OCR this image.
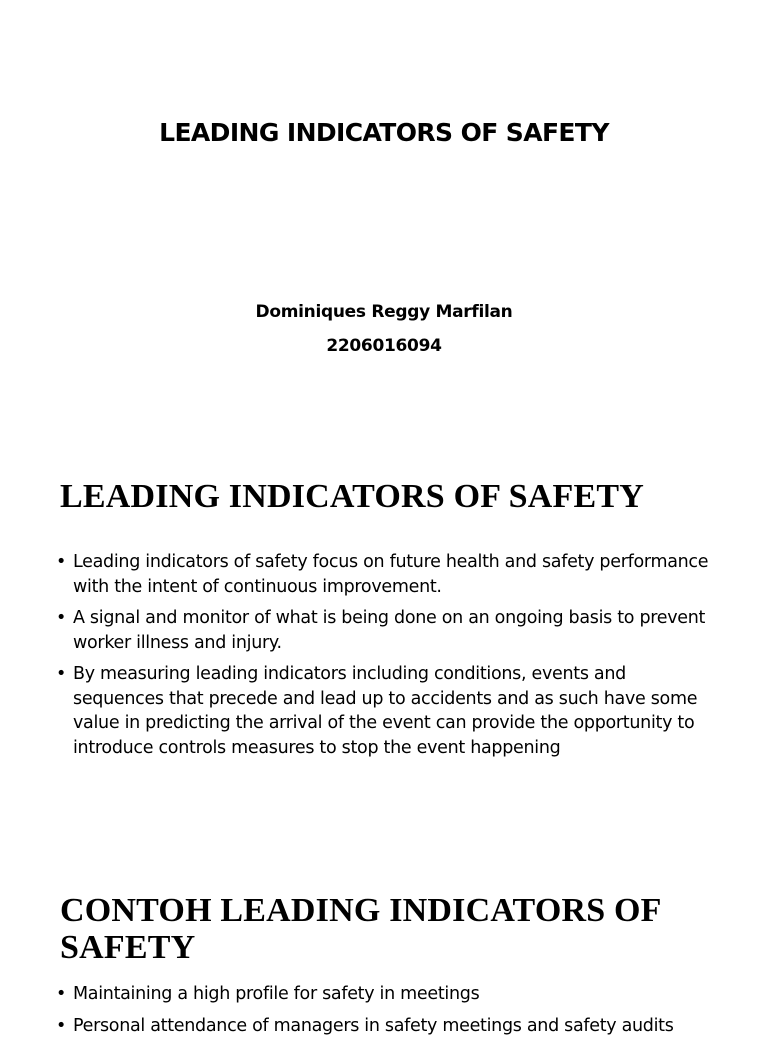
LEADING INDICATORS OF SAFETY
Dominiques Reggy Marfilan
2206016094
LEADING INDICATORS OF SAFETY
• Leading indicators of safety focus on future health and safety performance with the intent of continuous improvement.
• A signal and monitor of what is being done on an ongoing basis to prevent worker illness and injury.
• By measuring leading indicators including conditions, events and sequences that precede and lead up to accidents and as such have some value in predicting the arrival of the event can provide the opportunity to introduce controls measures to stop the event happening
CONTOH LEADING INDICATORS OF SAFETY
• Maintaining a high profile for safety in meetings
• Personal attendance of managers in safety meetings and safety audits
